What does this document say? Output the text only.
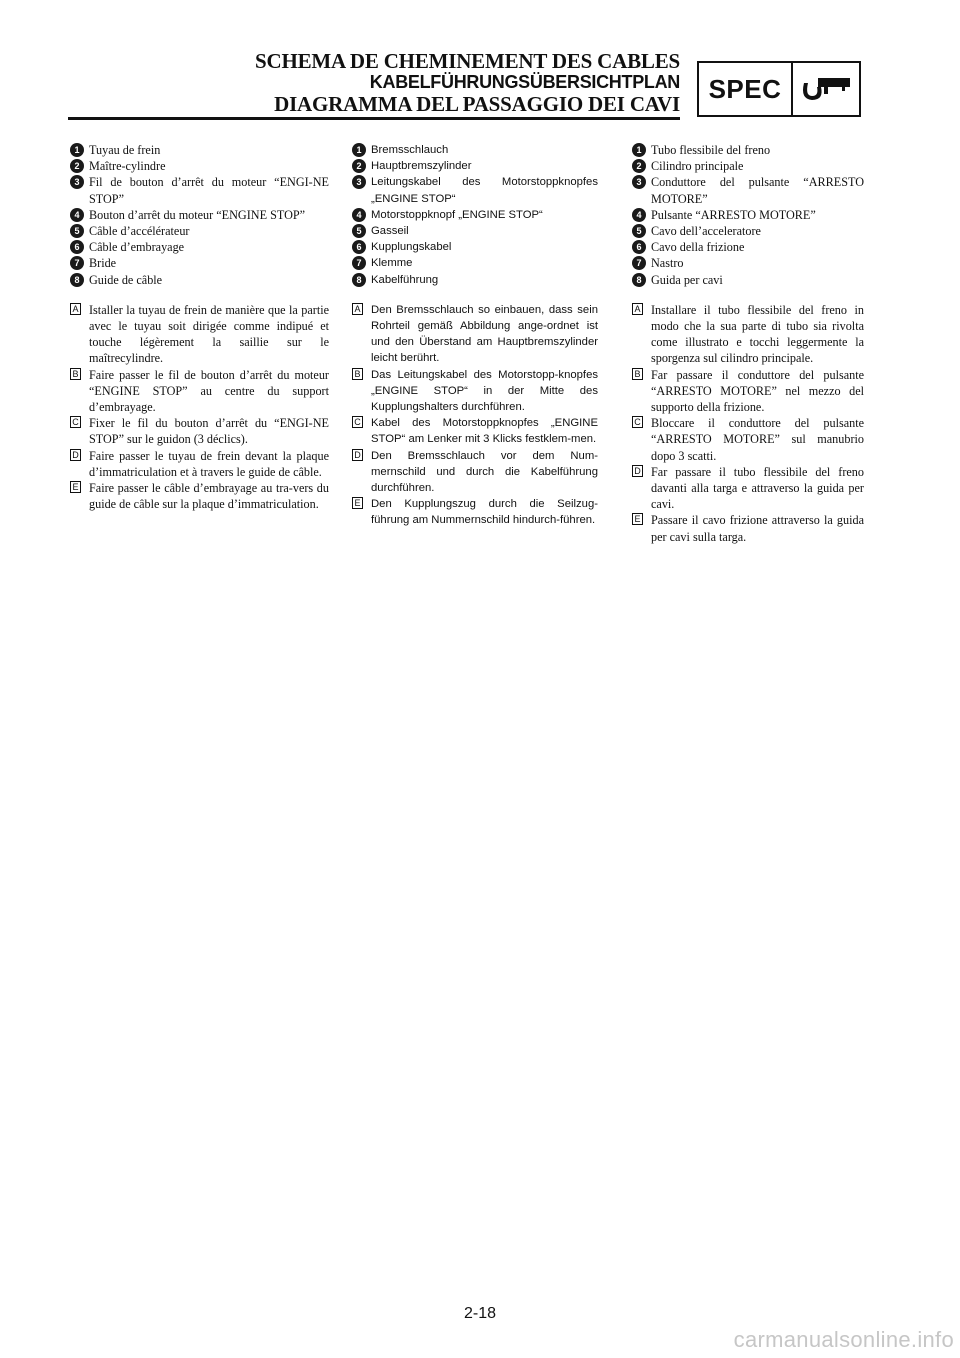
SCHEMA DE CHEMINEMENT DES CABLES
KABELFÜHRUNGSÜBERSICHTPLAN
DIAGRAMMA DEL PASSAGGIO DEI CAVI
SPEC
1 Tuyau de frein
2 Maître-cylindre
3 Fil de bouton d’arrêt du moteur “ENGI-NE STOP”
4 Bouton d’arrêt du moteur “ENGINE STOP”
5 Câble d’accélérateur
6 Câble d’embrayage
7 Bride
8 Guide de câble
A Istaller la tuyau de frein de manière que la partie avec le tuyau soit dirigée comme indipué et touche légèrement la saillie sur le maîtrecylindre.
B Faire passer le fil de bouton d’arrêt du moteur “ENGINE STOP” au centre du support d’embrayage.
C Fixer le fil du bouton d’arrêt du “ENGI-NE STOP” sur le guidon (3 déclics).
D Faire passer le tuyau de frein devant la plaque d’immatriculation et à travers le guide de câble.
E Faire passer le câble d’embrayage au tra-vers du guide de câble sur la plaque d’immatriculation.
1 Bremsschlauch
2 Hauptbremszylinder
3 Leitungskabel des Motorstoppknopfes „ENGINE STOP“
4 Motorstoppknopf „ENGINE STOP“
5 Gasseil
6 Kupplungskabel
7 Klemme
8 Kabelführung
A Den Bremsschlauch so einbauen, dass sein Rohrteil gemäß Abbildung ange-ordnet ist und den Überstand am Hauptbremszylinder leicht berührt.
B Das Leitungskabel des Motorstopp-knopfes „ENGINE STOP“ in der Mitte des Kupplungshalters durchführen.
C Kabel des Motorstoppknopfes „ENGINE STOP“ am Lenker mit 3 Klicks festklem-men.
D Den Bremsschlauch vor dem Num-mernschild und durch die Kabelführung durchführen.
E Den Kupplungszug durch die Seilzug-führung am Nummernschild hindurch-führen.
1 Tubo flessibile del freno
2 Cilindro principale
3 Conduttore del pulsante “ARRESTO MOTORE”
4 Pulsante “ARRESTO MOTORE”
5 Cavo dell’acceleratore
6 Cavo della frizione
7 Nastro
8 Guida per cavi
A Installare il tubo flessibile del freno in modo che la sua parte di tubo sia rivolta come illustrato e tocchi leggermente la sporgenza sul cilindro principale.
B Far passare il conduttore del pulsante “ARRESTO MOTORE” nel mezzo del supporto della frizione.
C Bloccare il conduttore del pulsante “ARRESTO MOTORE” sul manubrio dopo 3 scatti.
D Far passare il tubo flessibile del freno davanti alla targa e attraverso la guida per cavi.
E Passare il cavo frizione attraverso la guida per cavi sulla targa.
2-18
carmanualsonline.info
